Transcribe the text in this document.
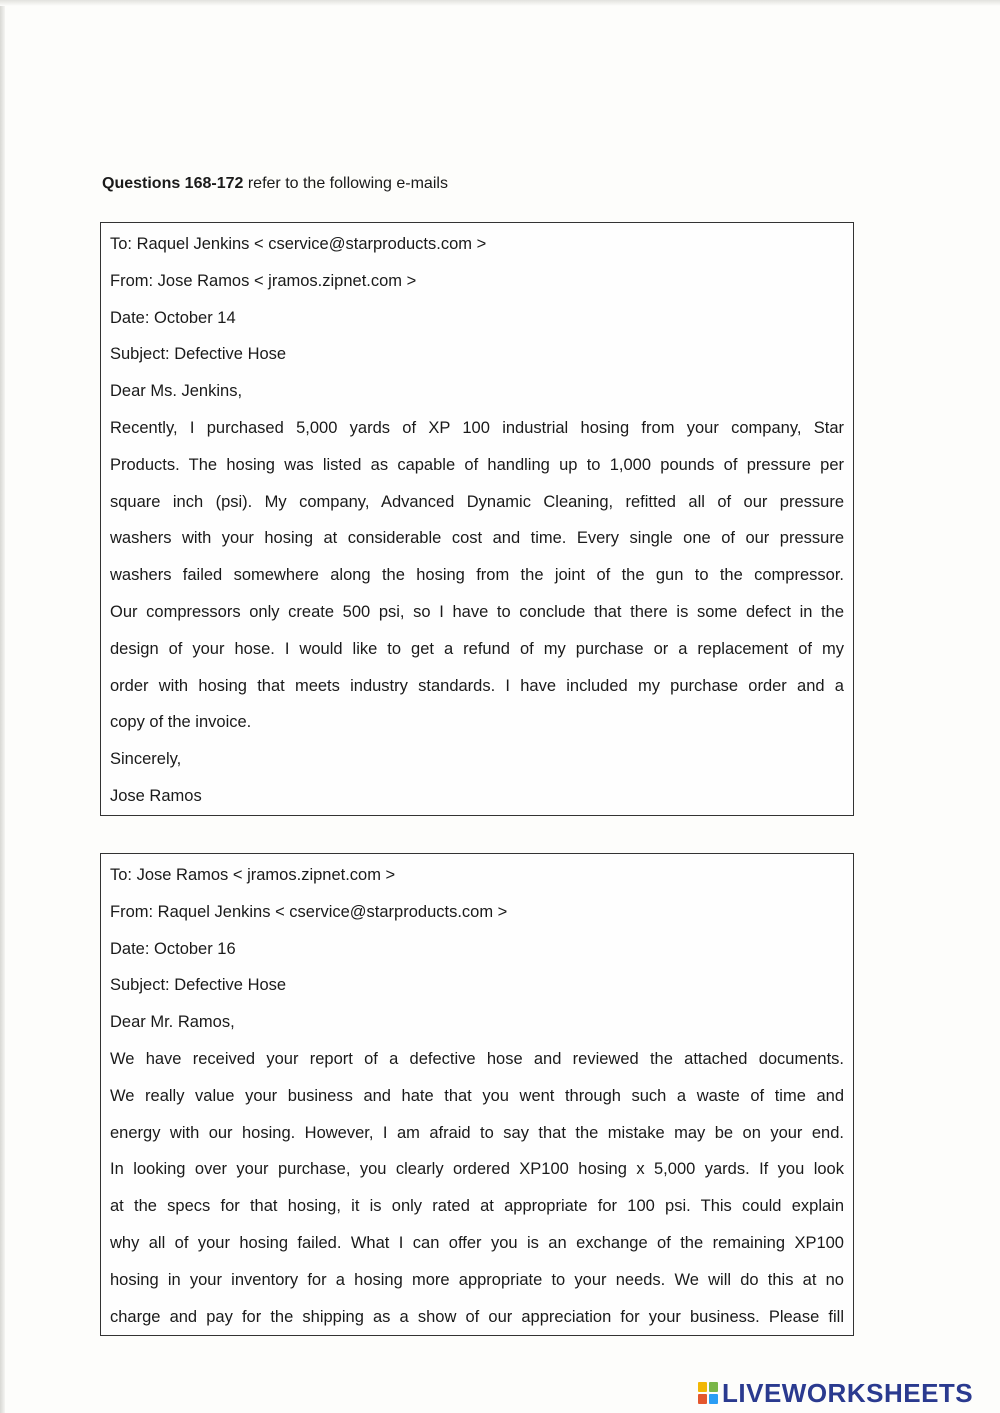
Questions 168-172 refer to the following e-mails
To: Raquel Jenkins < cservice@starproducts.com >
From: Jose Ramos < jramos.zipnet.com >
Date: October 14
Subject: Defective Hose
Dear Ms. Jenkins,
Recently, I purchased 5,000 yards of XP 100 industrial hosing from your company, Star
Products. The hosing was listed as capable of handling up to 1,000 pounds of pressure per
square inch (psi). My company, Advanced Dynamic Cleaning, refitted all of our pressure
washers with your hosing at considerable cost and time. Every single one of our pressure
washers failed somewhere along the hosing from the joint of the gun to the compressor.
Our compressors only create 500 psi, so I have to conclude that there is some defect in the
design of your hose. I would like to get a refund of my purchase or a replacement of my
order with hosing that meets industry standards. I have included my purchase order and a
copy of the invoice.
Sincerely,
Jose Ramos
To: Jose Ramos < jramos.zipnet.com >
From: Raquel Jenkins < cservice@starproducts.com >
Date: October 16
Subject: Defective Hose
Dear Mr. Ramos,
We have received your report of a defective hose and reviewed the attached documents.
We really value your business and hate that you went through such a waste of time and
energy with our hosing. However, I am afraid to say that the mistake may be on your end.
In looking over your purchase, you clearly ordered XP100 hosing x 5,000 yards. If you look
at the specs for that hosing, it is only rated at appropriate for 100 psi. This could explain
why all of your hosing failed. What I can offer you is an exchange of the remaining XP100
hosing in your inventory for a hosing more appropriate to your needs. We will do this at no
charge and pay for the shipping as a show of our appreciation for your business. Please fill
LIVEWORKSHEETS
